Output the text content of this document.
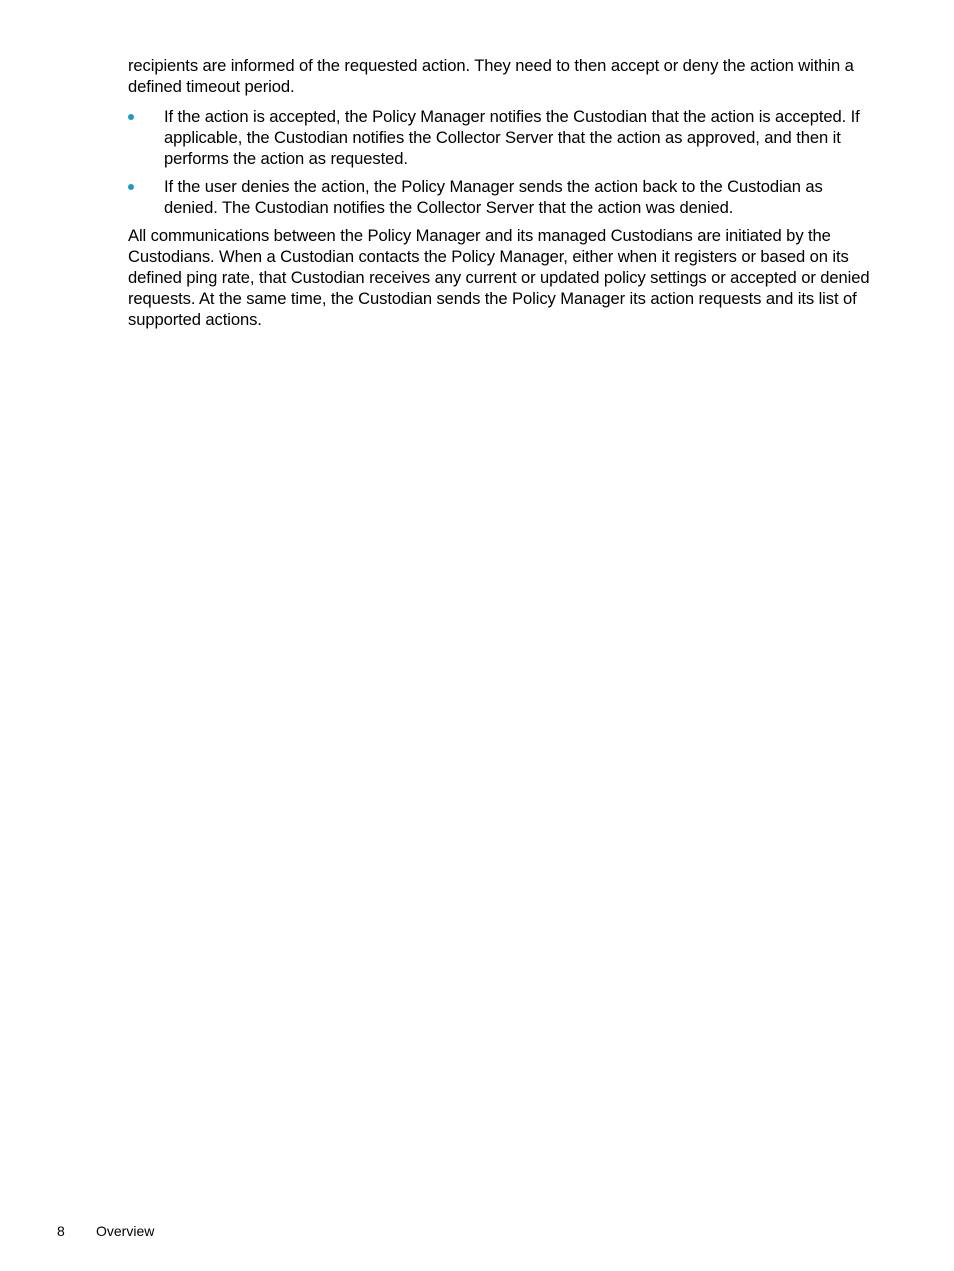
recipients are informed of the requested action. They need to then accept or deny the action within a defined timeout period.

If the action is accepted, the Policy Manager notifies the Custodian that the action is accepted. If applicable, the Custodian notifies the Collector Server that the action as approved, and then it performs the action as requested.
If the user denies the action, the Policy Manager sends the action back to the Custodian as denied. The Custodian notifies the Collector Server that the action was denied.

All communications between the Policy Manager and its managed Custodians are initiated by the Custodians. When a Custodian contacts the Policy Manager, either when it registers or based on its defined ping rate, that Custodian receives any current or updated policy settings or accepted or denied requests. At the same time, the Custodian sends the Policy Manager its action requests and its list of supported actions.

8	Overview
